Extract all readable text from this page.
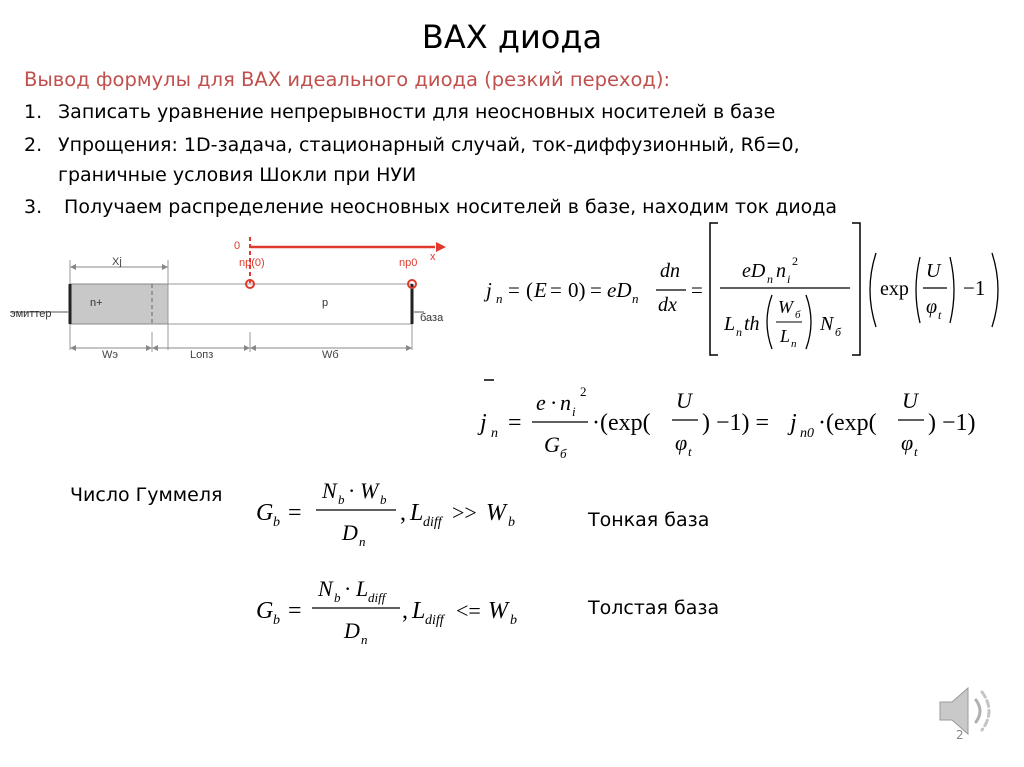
ВАХ диода
Вывод формулы для ВАХ идеального диода (резкий переход):
1. Записать уравнение непрерывности для неосновных носителей в базе
2. Упрощения: 1D-задача, стационарный случай, ток-диффузионный, Rб=0,
граничные условия Шокли при НУИ
3. Получаем распределение неосновных носителей в базе, находим ток диода
0
x
np(0)	np0
Xj
эмиттер
n+	p
база
Wэ	Lопз	Wб
j n = ( E = 0) = eD n
dn
dx
=
eD n n i
2
L n th
W б
L n
N б
exp
U
φ t
−1
j n =
e · n i
2
G б
·(exp(
U
φ t
) −1) = j n0 ·(exp(
U
φ t
) −1)
Число Гуммеля
G b =
N b · W b
D n
, L diff >> W b	Тонкая база
G b =
N b · L diff
D n
, L diff <= W b
Толстая база
2
